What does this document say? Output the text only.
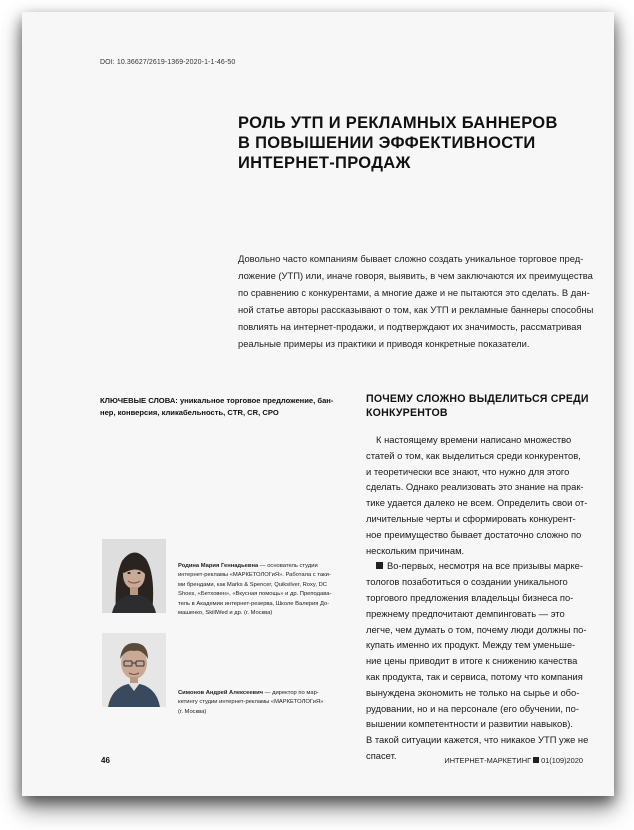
DOI: 10.36627/2619-1369-2020-1-1-46-50
РОЛЬ УТП И РЕКЛАМНЫХ БАННЕРОВ
В ПОВЫШЕНИИ ЭФФЕКТИВНОСТИ
ИНТЕРНЕТ-ПРОДАЖ
Довольно часто компаниям бывает сложно создать уникальное торговое пред-
ложение (УТП) или, иначе говоря, выявить, в чем заключаются их преимущества
по сравнению с конкурентами, а многие даже и не пытаются это сделать. В дан-
ной статье авторы рассказывают о том, как УТП и рекламные баннеры способны
повлиять на интернет-продажи, и подтверждают их значимость, рассматривая
реальные примеры из практики и приводя конкретные показатели.
КЛЮЧЕВЫЕ СЛОВА: уникальное торговое предложение, бан-
нер, конверсия, кликабельность, CTR, CR, CPO
ПОЧЕМУ СЛОЖНО ВЫДЕЛИТЬСЯ СРЕДИ
КОНКУРЕНТОВ
К настоящему времени написано множество
статей о том, как выделиться среди конкурентов,
и теоретически все знают, что нужно для этого
сделать. Однако реализовать это знание на прак-
тике удается далеко не всем. Определить свои от-
личительные черты и сформировать конкурент-
ное преимущество бывает достаточно сложно по
нескольким причинам.
Во-первых, несмотря на все призывы марке-
тологов позаботиться о создании уникального
торгового предложения владельцы бизнеса по-
прежнему предпочитают демпинговать — это
легче, чем думать о том, почему люди должны по-
купать именно их продукт. Между тем уменьше-
ние цены приводит в итоге к снижению качества
как продукта, так и сервиса, потому что компания
вынуждена экономить не только на сырье и обо-
рудовании, но и на персонале (его обучении, по-
вышении компетентности и развитии навыков).
В такой ситуации кажется, что никакое УТП уже не
спасет.
Родина Мария Геннадьевна — основатель студии
интернет-рекламы «МАРКЕТОЛОГиЯ». Работала с таки-
ми брендами, как Marks & Spencer, Quiksilver, Roxy, DC
Shoes, «Бетховен», «Вкусная помощь» и др. Преподава-
тель в Академии интернет-резерва, Школе Валерия До-
машенко, SkillWed и др. (г. Москва)
Симонов Андрей Алексеевич — директор по мар-
кетингу студии интернет-рекламы «МАРКЕТОЛОГиЯ»
(г. Москва)
46	ИНТЕРНЕТ-МАРКЕТИНГ 01(109)2020
